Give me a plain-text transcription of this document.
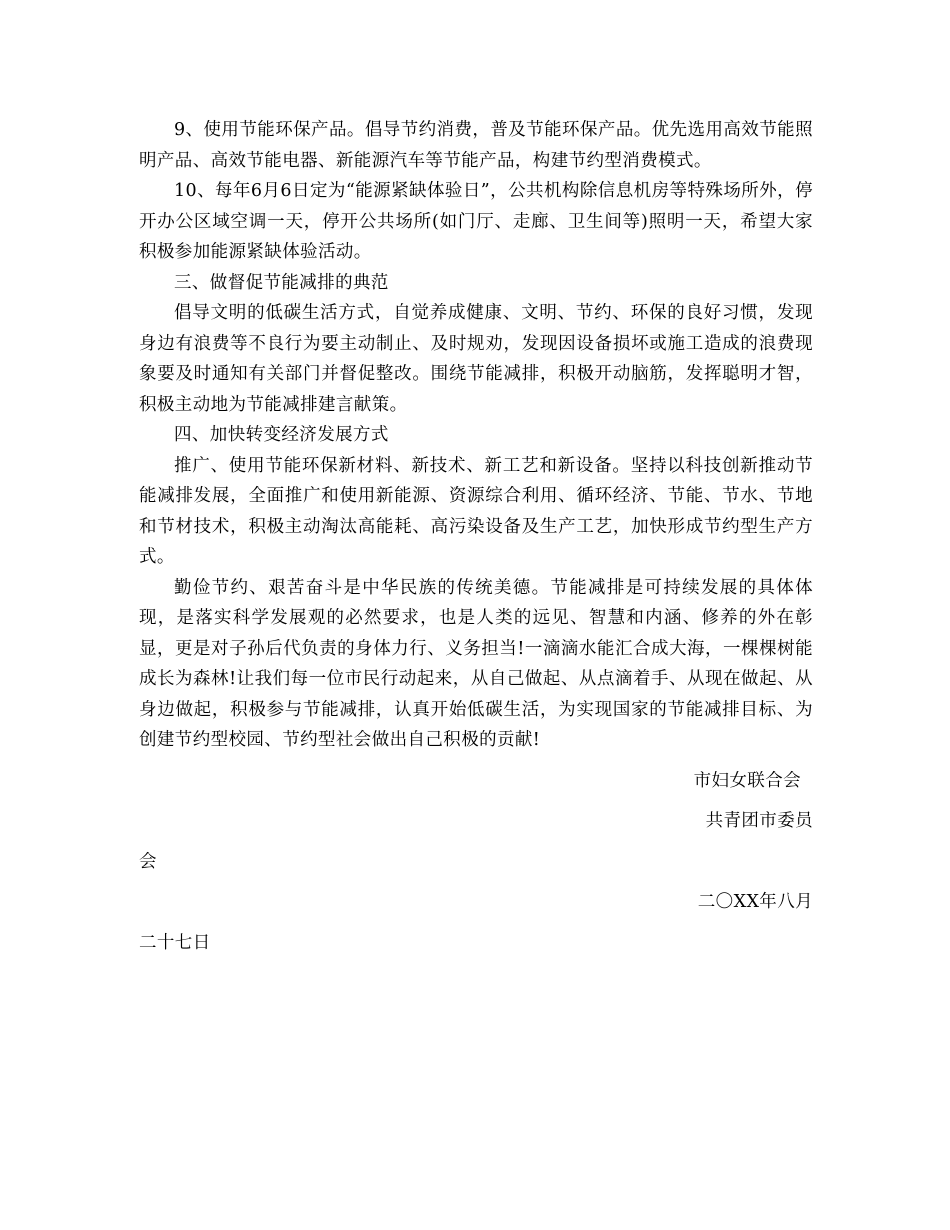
9、使用节能环保产品。倡导节约消费，普及节能环保产品。优先选用高效节能照明产品、高效节能电器、新能源汽车等节能产品，构建节约型消费模式。

10、每年6月6日定为“能源紧缺体验日”，公共机构除信息机房等特殊场所外，停开办公区域空调一天，停开公共场所(如门厅、走廊、卫生间等)照明一天，希望大家积极参加能源紧缺体验活动。

三、做督促节能减排的典范

倡导文明的低碳生活方式，自觉养成健康、文明、节约、环保的良好习惯，发现身边有浪费等不良行为要主动制止、及时规劝，发现因设备损坏或施工造成的浪费现象要及时通知有关部门并督促整改。围绕节能减排，积极开动脑筋，发挥聪明才智，积极主动地为节能减排建言献策。

四、加快转变经济发展方式

推广、使用节能环保新材料、新技术、新工艺和新设备。坚持以科技创新推动节能减排发展，全面推广和使用新能源、资源综合利用、循环经济、节能、节水、节地和节材技术，积极主动淘汰高能耗、高污染设备及生产工艺，加快形成节约型生产方式。

勤俭节约、艰苦奋斗是中华民族的传统美德。节能减排是可持续发展的具体体现，是落实科学发展观的必然要求，也是人类的远见、智慧和内涵、修养的外在彰显，更是对子孙后代负责的身体力行、义务担当!一滴滴水能汇合成大海，一棵棵树能成长为森林!让我们每一位市民行动起来，从自己做起、从点滴着手、从现在做起、从身边做起，积极参与节能减排，认真开始低碳生活，为实现国家的节能减排目标、为创建节约型校园、节约型社会做出自己积极的贡献!

市妇女联合会

共青团市委员

会

二〇XX年八月

二十七日
